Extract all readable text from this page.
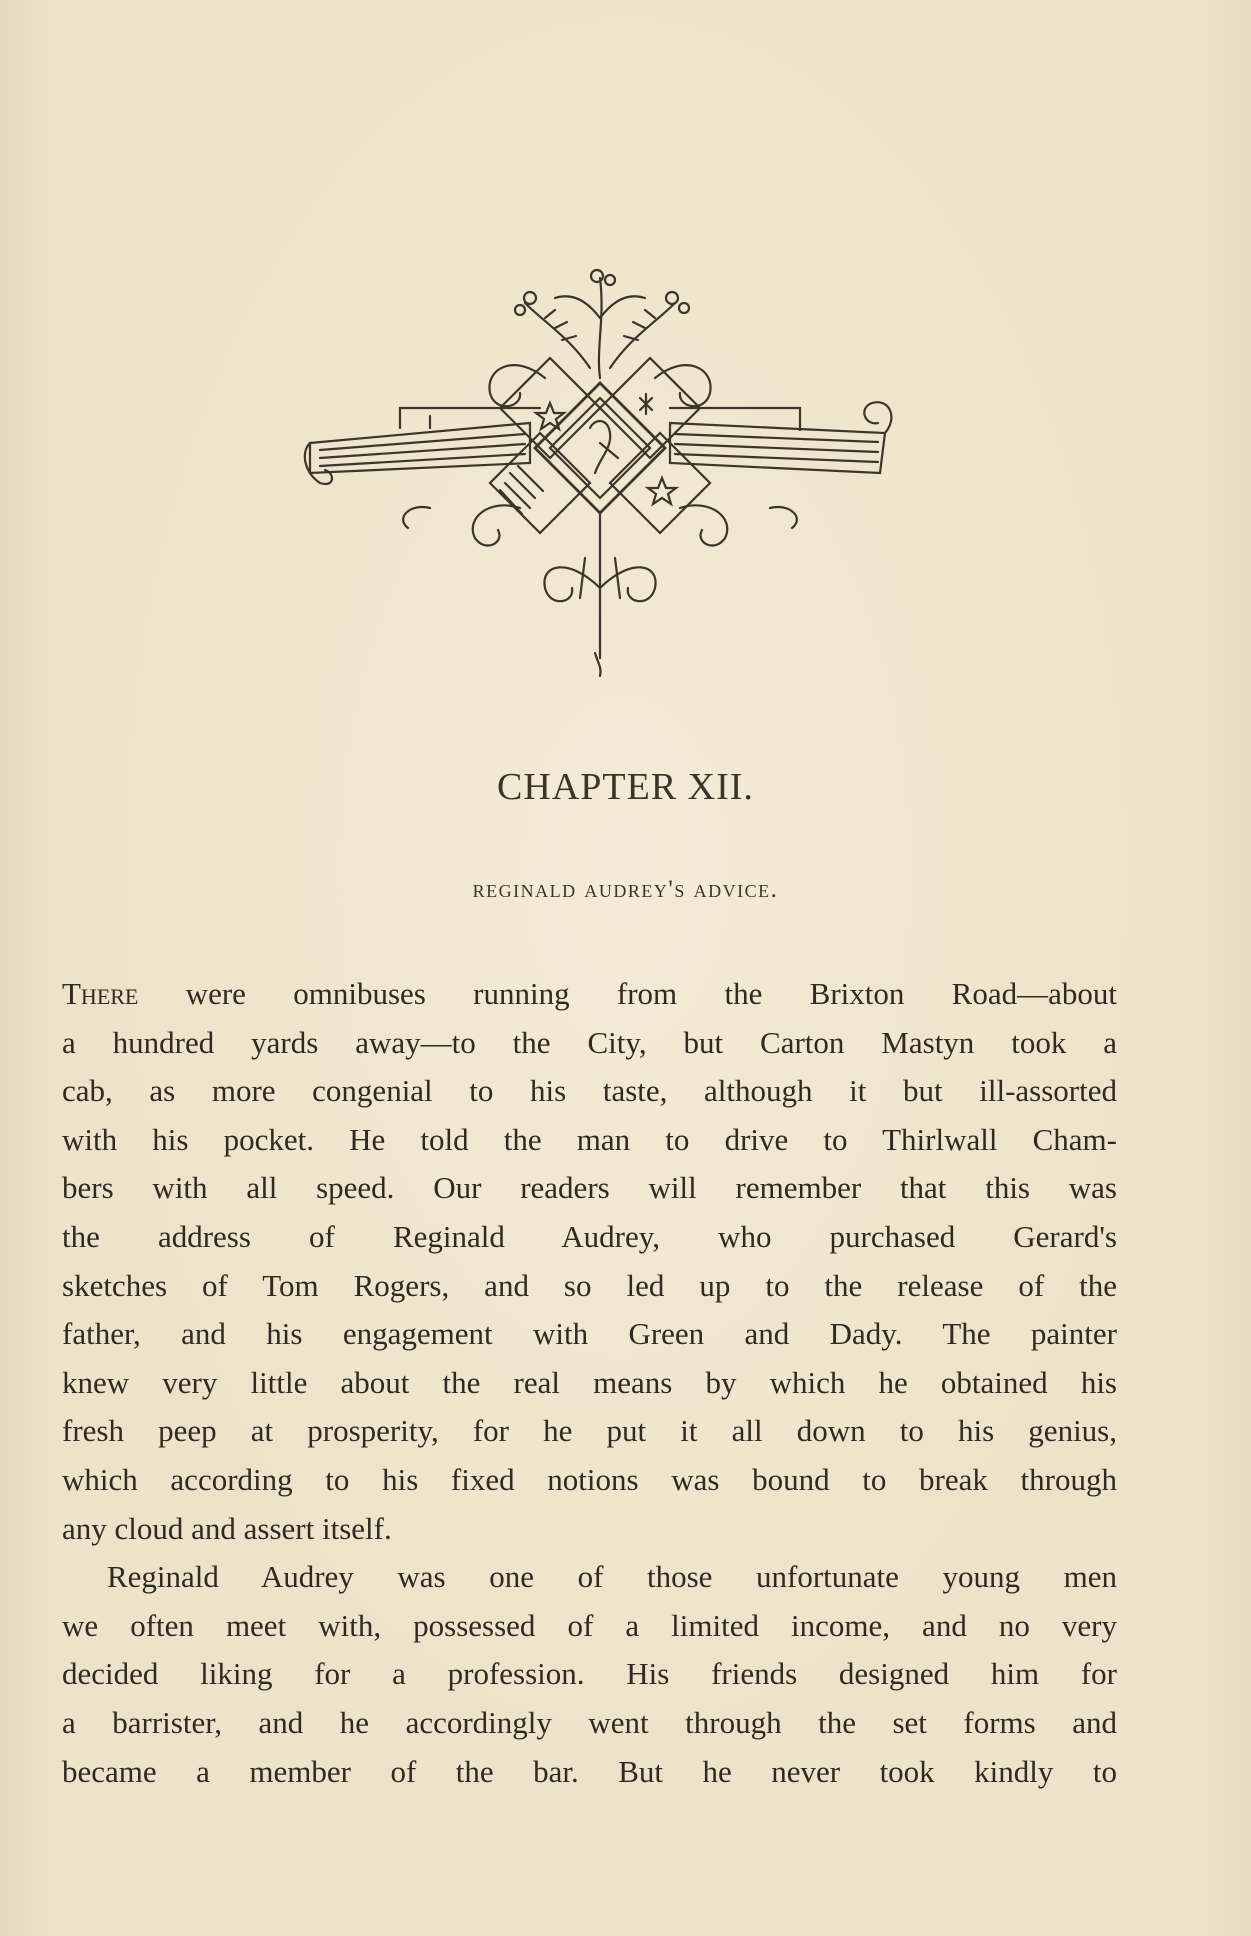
CHAPTER XII.
reginald audrey's advice.
There were omnibuses running from the Brixton Road—about
a hundred yards away—to the City, but Carton Mastyn took a
cab, as more congenial to his taste, although it but ill-assorted
with his pocket. He told the man to drive to Thirlwall Cham-
bers with all speed. Our readers will remember that this was
the address of Reginald Audrey, who purchased Gerard's
sketches of Tom Rogers, and so led up to the release of the
father, and his engagement with Green and Dady. The painter
knew very little about the real means by which he obtained his
fresh peep at prosperity, for he put it all down to his genius,
which according to his fixed notions was bound to break through
any cloud and assert itself.
Reginald Audrey was one of those unfortunate young men
we often meet with, possessed of a limited income, and no very
decided liking for a profession. His friends designed him for
a barrister, and he accordingly went through the set forms and
became a member of the bar. But he never took kindly to
